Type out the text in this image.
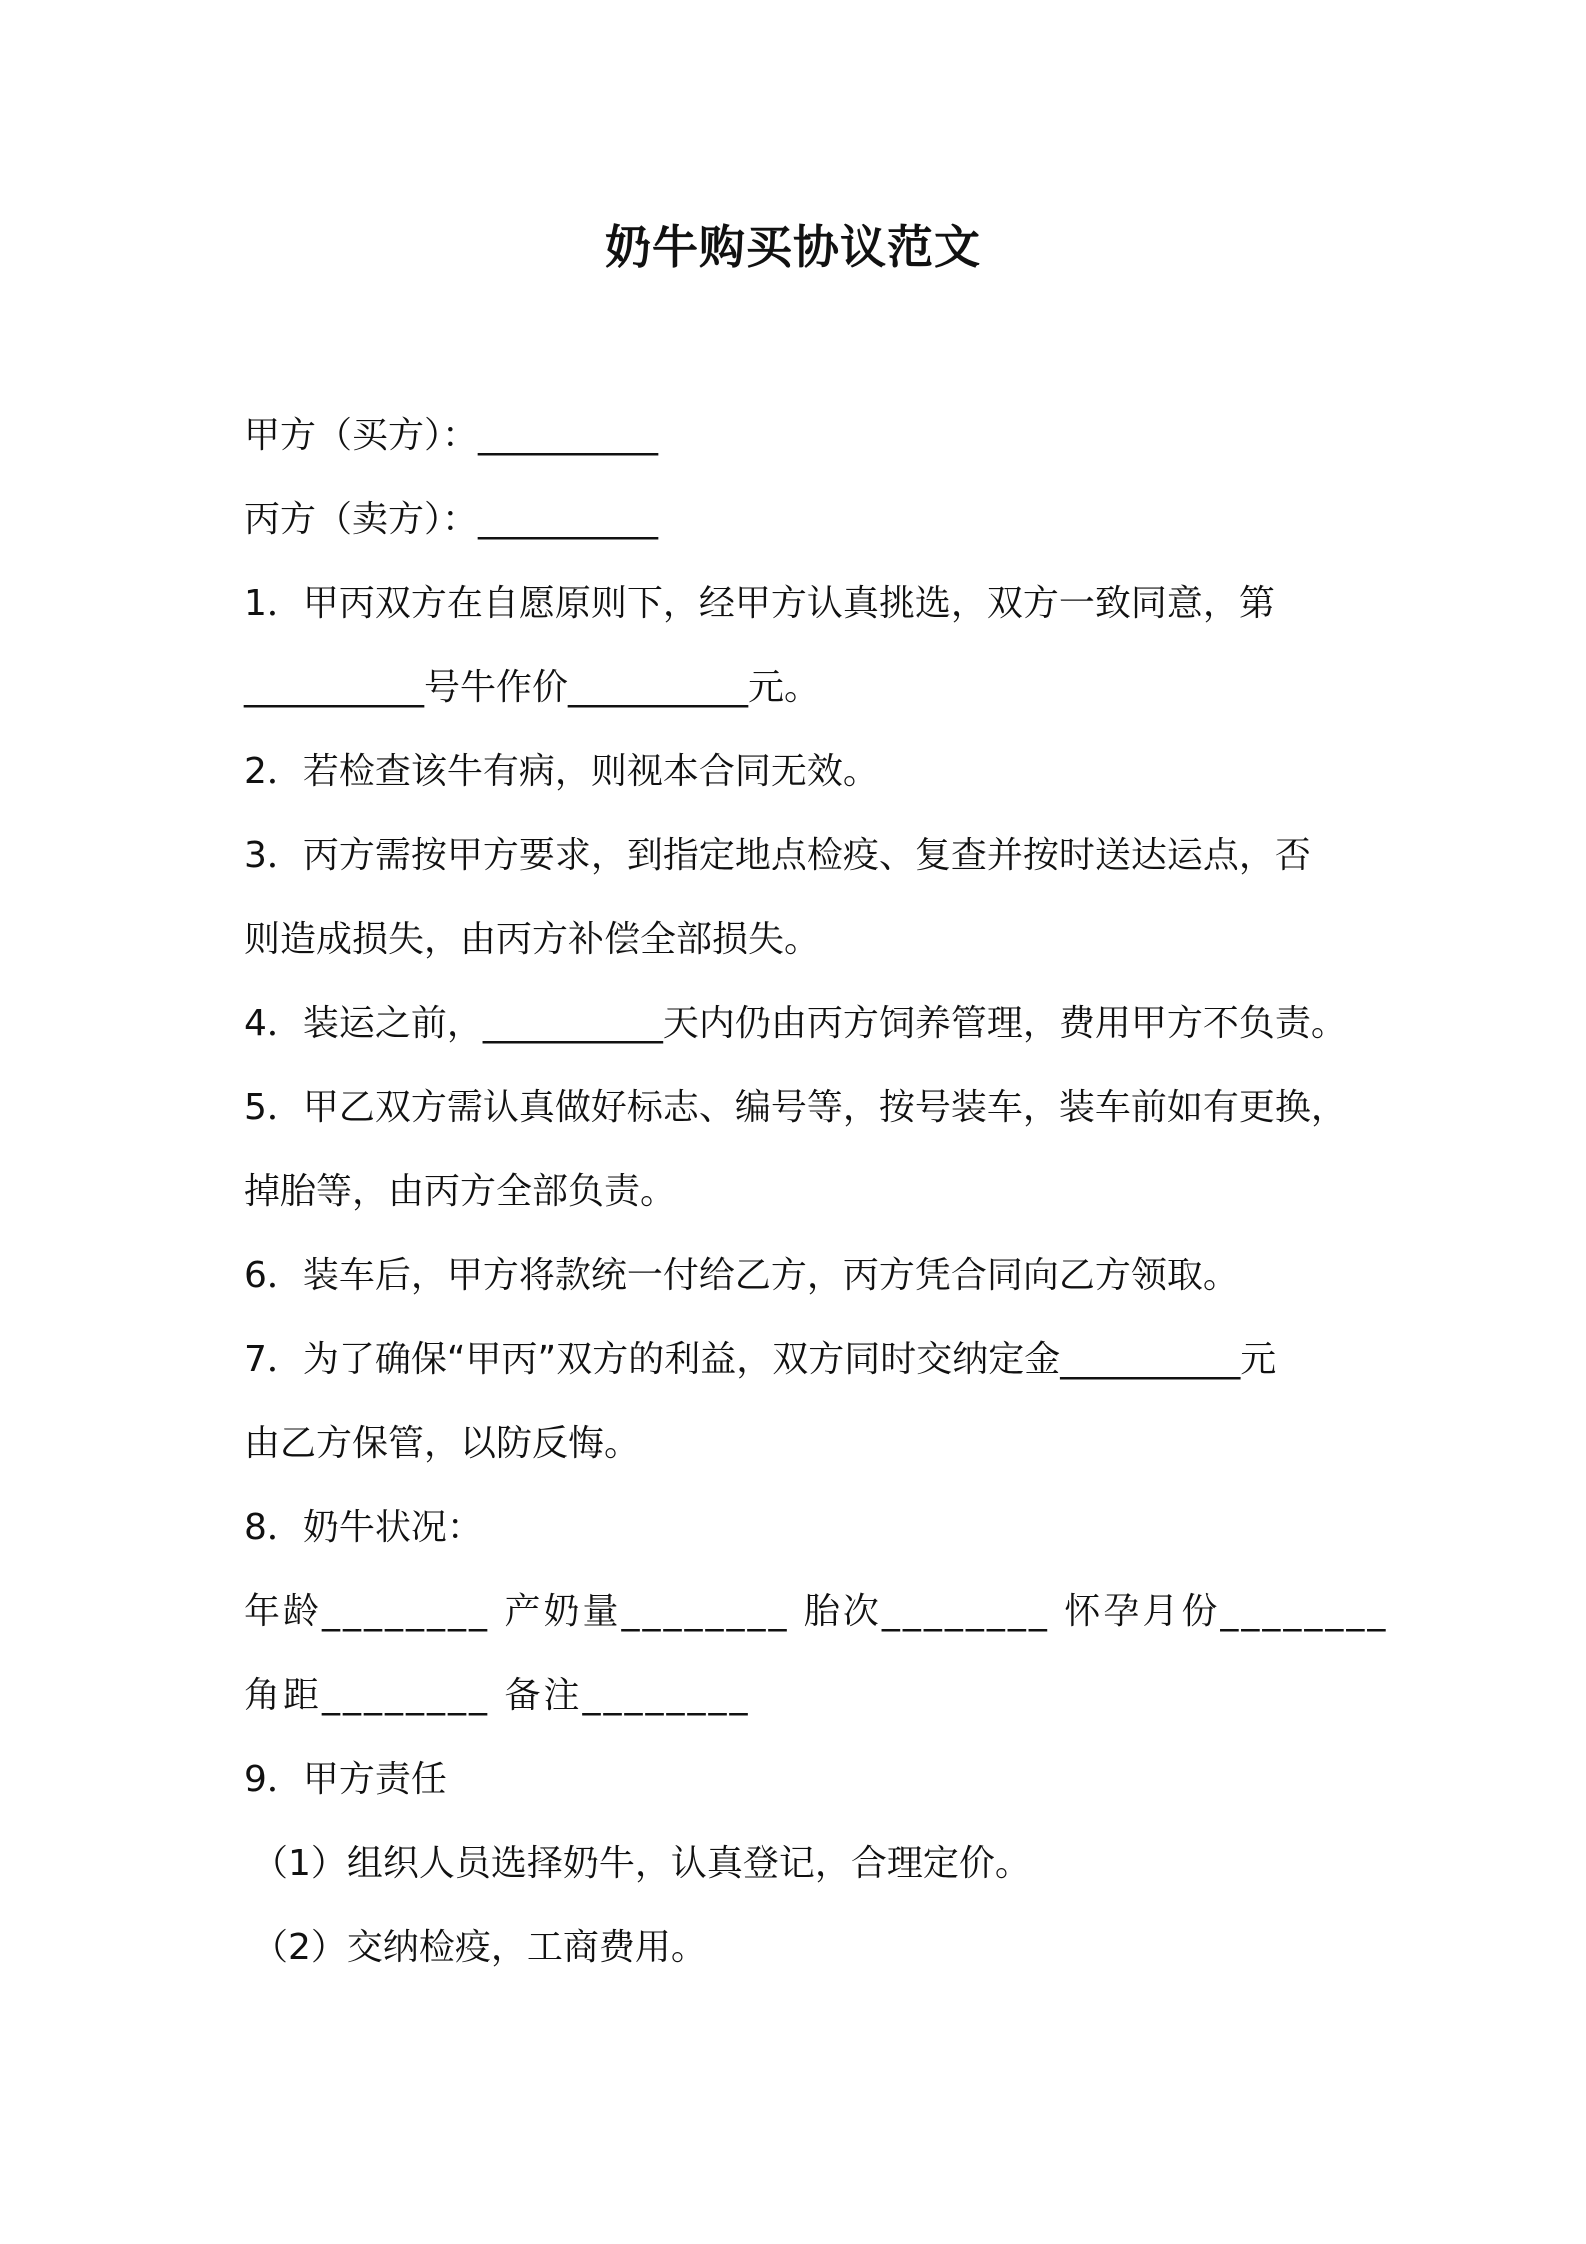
奶牛购买协议范文

甲方（买方）：__________

丙方（卖方）：__________

1．甲丙双方在自愿原则下，经甲方认真挑选，双方一致同意，第

__________号牛作价__________元。

2．若检查该牛有病，则视本合同无效。

3．丙方需按甲方要求，到指定地点检疫、复查并按时送达运点，否

则造成损失，由丙方补偿全部损失。

4．装运之前，__________天内仍由丙方饲养管理，费用甲方不负责。

5．甲乙双方需认真做好标志、编号等，按号装车，装车前如有更换，

掉胎等，由丙方全部负责。

6．装车后，甲方将款统一付给乙方，丙方凭合同向乙方领取。

7．为了确保“甲丙”双方的利益，双方同时交纳定金__________元

由乙方保管，以防反悔。

8．奶牛状况：

年龄________ 产奶量________ 胎次________ 怀孕月份________

角距________ 备注________

9．甲方责任

（1）组织人员选择奶牛，认真登记，合理定价。

（2）交纳检疫，工商费用。
